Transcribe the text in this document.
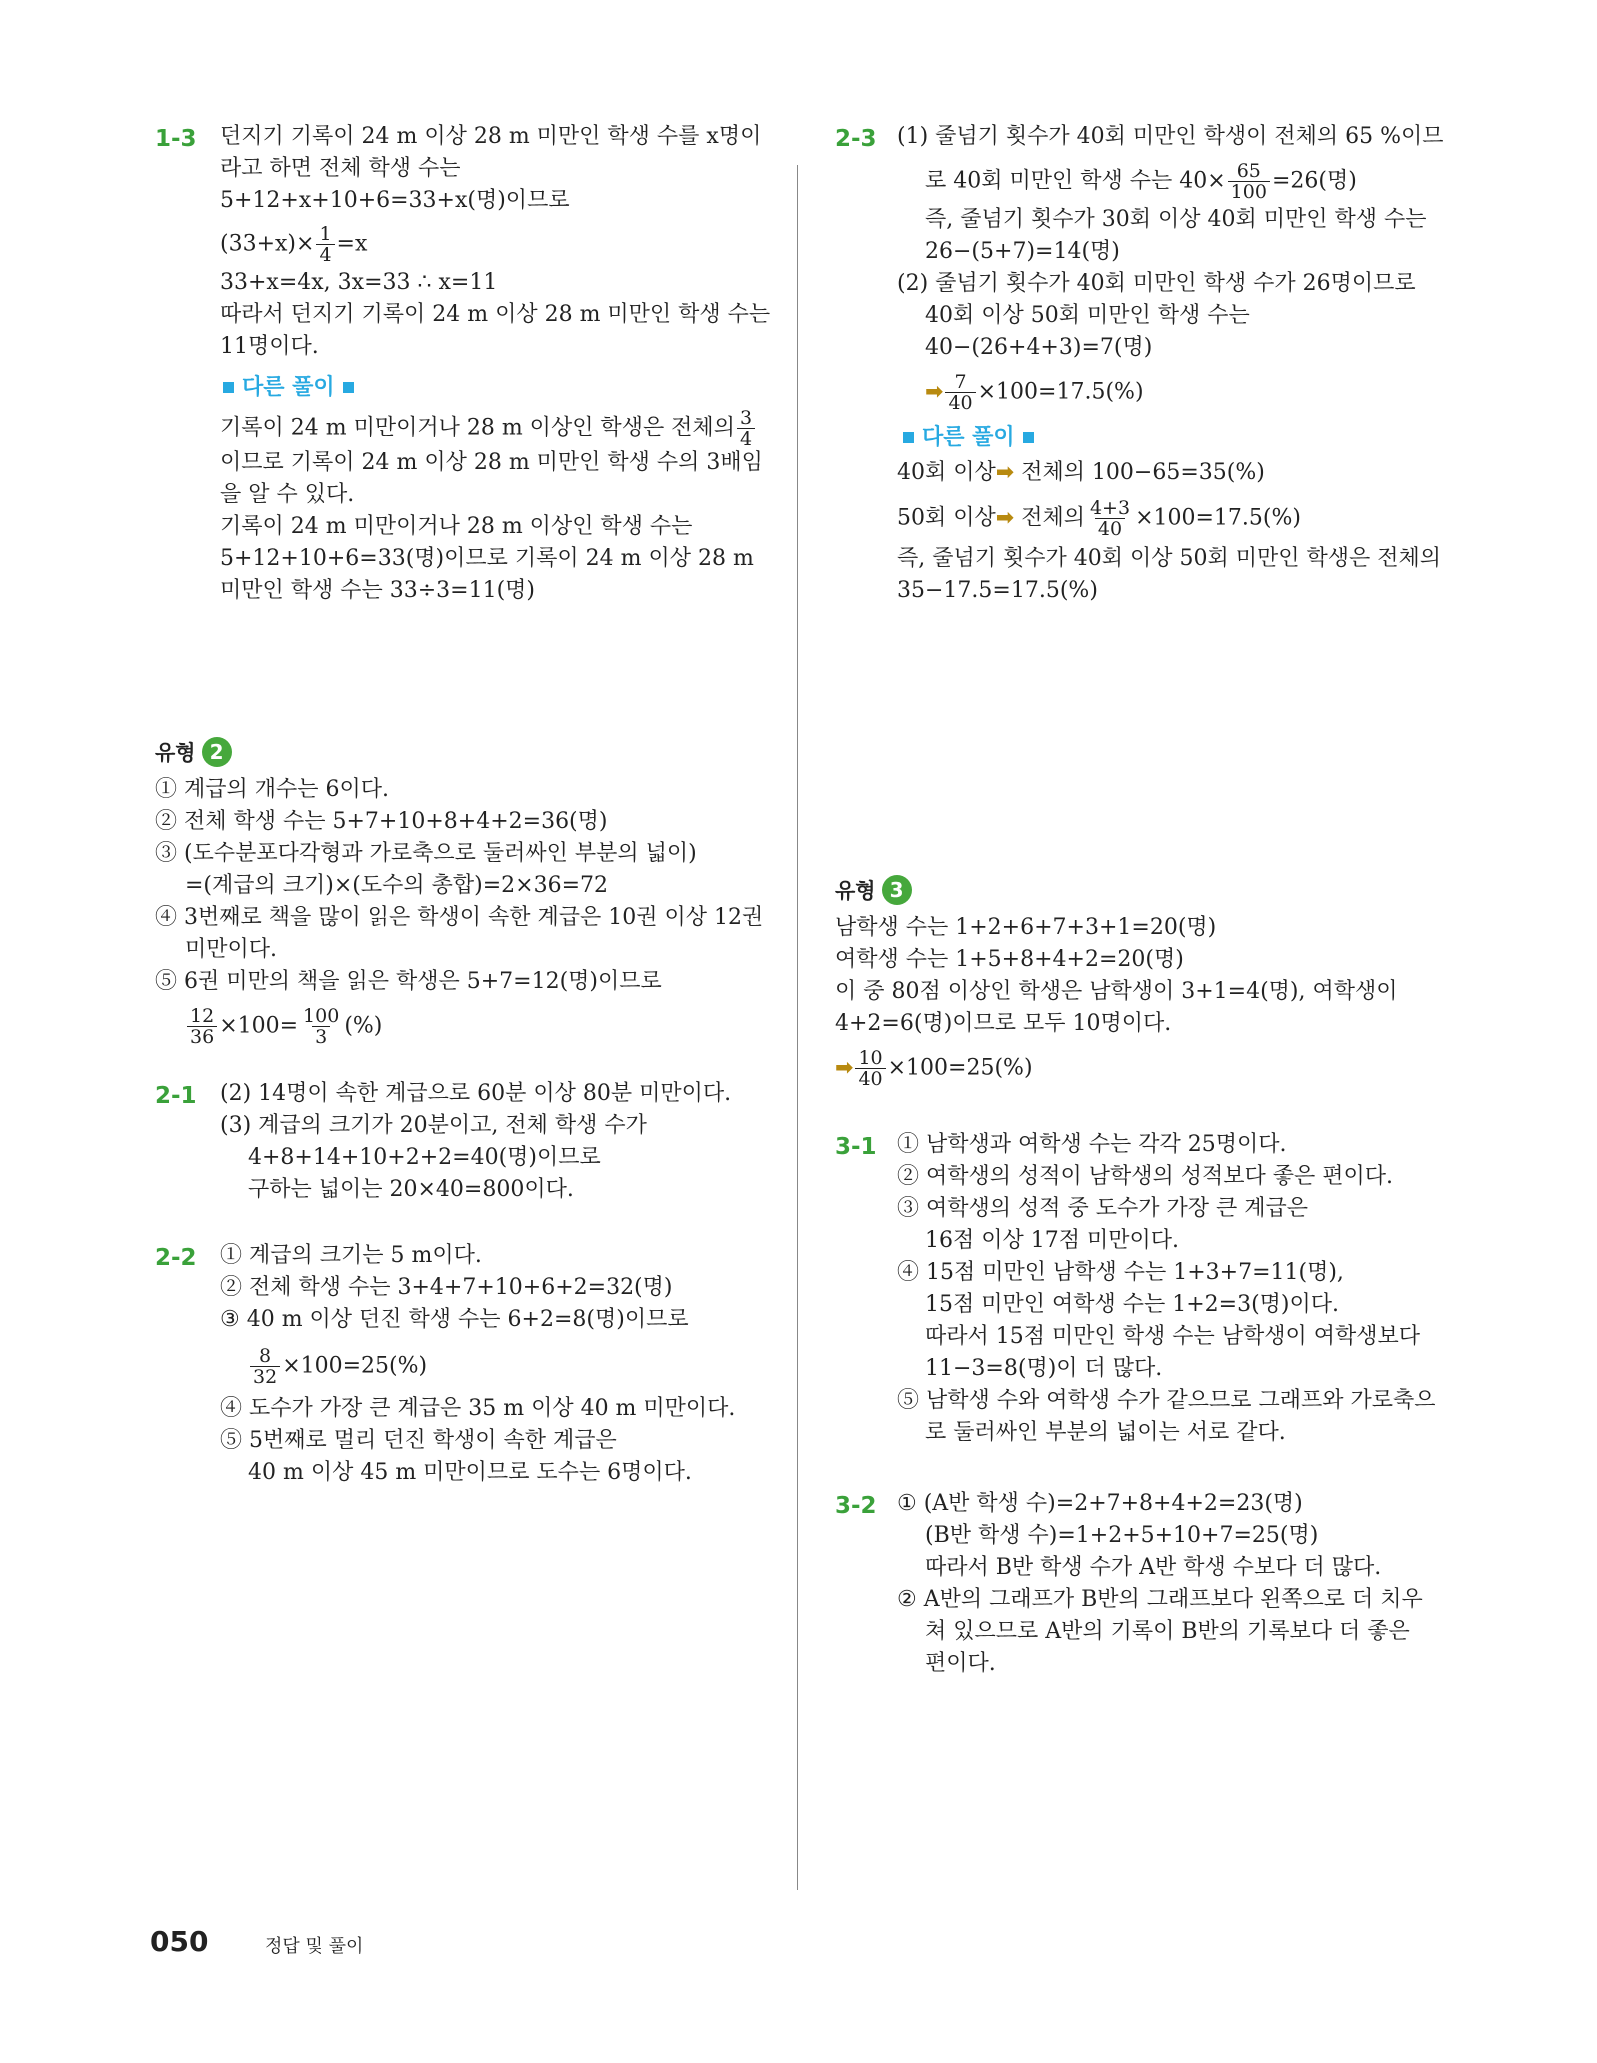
1-3 던지기 기록이 24 m 이상 28 m 미만인 학생 수를 x명이
라고 하면 전체 학생 수는
5+12+x+10+6=33+x(명)이므로
$(33+x)\times \frac{1}{4} =x$
33+x=4x, 3x=33 ∴ x=11
따라서 던지기 기록이 24 m 이상 28 m 미만인 학생 수는
11명이다.
다른 풀이
기록이 24 m 미만이거나 28 m 이상인 학생은 전체의 $\frac{3}{4}$
이므로 기록이 24 m 이상 28 m 미만인 학생 수의 3배임
을 알 수 있다.
기록이 24 m 미만이거나 28 m 이상인 학생 수는
5+12+10+6=33(명)이므로 기록이 24 m 이상 28 m
미만인 학생 수는 33÷3=11(명)
유형 2
① 계급의 개수는 6이다.
② 전체 학생 수는 5+7+10+8+4+2=36(명)
③ (도수분포다각형과 가로축으로 둘러싸인 부분의 넓이)
=(계급의 크기)×(도수의 총합)=2×36=72
④ 3번째로 책을 많이 읽은 학생이 속한 계급은 10권 이상 12권
미만이다.
⑤ 6권 미만의 책을 읽은 학생은 5+7=12(명)이므로
$\frac{12}{36} \times 100= \frac{100}{3}$ (%)
2-1 (2) 14명이 속한 계급으로 60분 이상 80분 미만이다.
(3) 계급의 크기가 20분이고, 전체 학생 수가
4+8+14+10+2+2=40(명)이므로
구하는 넓이는 20×40=800이다.
2-2 ① 계급의 크기는 5 m이다.
② 전체 학생 수는 3+4+7+10+6+2=32(명)
③ 40 m 이상 던진 학생 수는 6+2=8(명)이므로
$\frac{8}{32} \times 100=25(\%)$
④ 도수가 가장 큰 계급은 35 m 이상 40 m 미만이다.
⑤ 5번째로 멀리 던진 학생이 속한 계급은
40 m 이상 45 m 미만이므로 도수는 6명이다.
2-3 (1) 줄넘기 횟수가 40회 미만인 학생이 전체의 65 %이므
로 40회 미만인 학생 수는 $40\times \frac{65}{100} =26$(명)
즉, 줄넘기 횟수가 30회 이상 40회 미만인 학생 수는
26−(5+7)=14(명)
(2) 줄넘기 횟수가 40회 미만인 학생 수가 26명이므로
40회 이상 50회 미만인 학생 수는
40−(26+4+3)=7(명)
➡ $\frac{7}{40} \times 100=17.5(\%)$
다른 풀이
40회 이상➡ 전체의 100−65=35(%)
50회 이상➡ 전체의 $\frac{4+3}{40} \times 100=17.5(\%)$
즉, 줄넘기 횟수가 40회 이상 50회 미만인 학생은 전체의
35−17.5=17.5(%)
유형 3
남학생 수는 1+2+6+7+3+1=20(명)
여학생 수는 1+5+8+4+2=20(명)
이 중 80점 이상인 학생은 남학생이 3+1=4(명), 여학생이
4+2=6(명)이므로 모두 10명이다.
➡ $\frac{10}{40} \times 100=25(\%)$
3-1 ① 남학생과 여학생 수는 각각 25명이다.
② 여학생의 성적이 남학생의 성적보다 좋은 편이다.
③ 여학생의 성적 중 도수가 가장 큰 계급은
16점 이상 17점 미만이다.
④ 15점 미만인 남학생 수는 1+3+7=11(명),
15점 미만인 여학생 수는 1+2=3(명)이다.
따라서 15점 미만인 학생 수는 남학생이 여학생보다
11−3=8(명)이 더 많다.
⑤ 남학생 수와 여학생 수가 같으므로 그래프와 가로축으
로 둘러싸인 부분의 넓이는 서로 같다.
3-2 ① (A반 학생 수)=2+7+8+4+2=23(명)
(B반 학생 수)=1+2+5+10+7=25(명)
따라서 B반 학생 수가 A반 학생 수보다 더 많다.
② A반의 그래프가 B반의 그래프보다 왼쪽으로 더 치우
쳐 있으므로 A반의 기록이 B반의 기록보다 더 좋은
편이다.
050	정답 및 풀이
